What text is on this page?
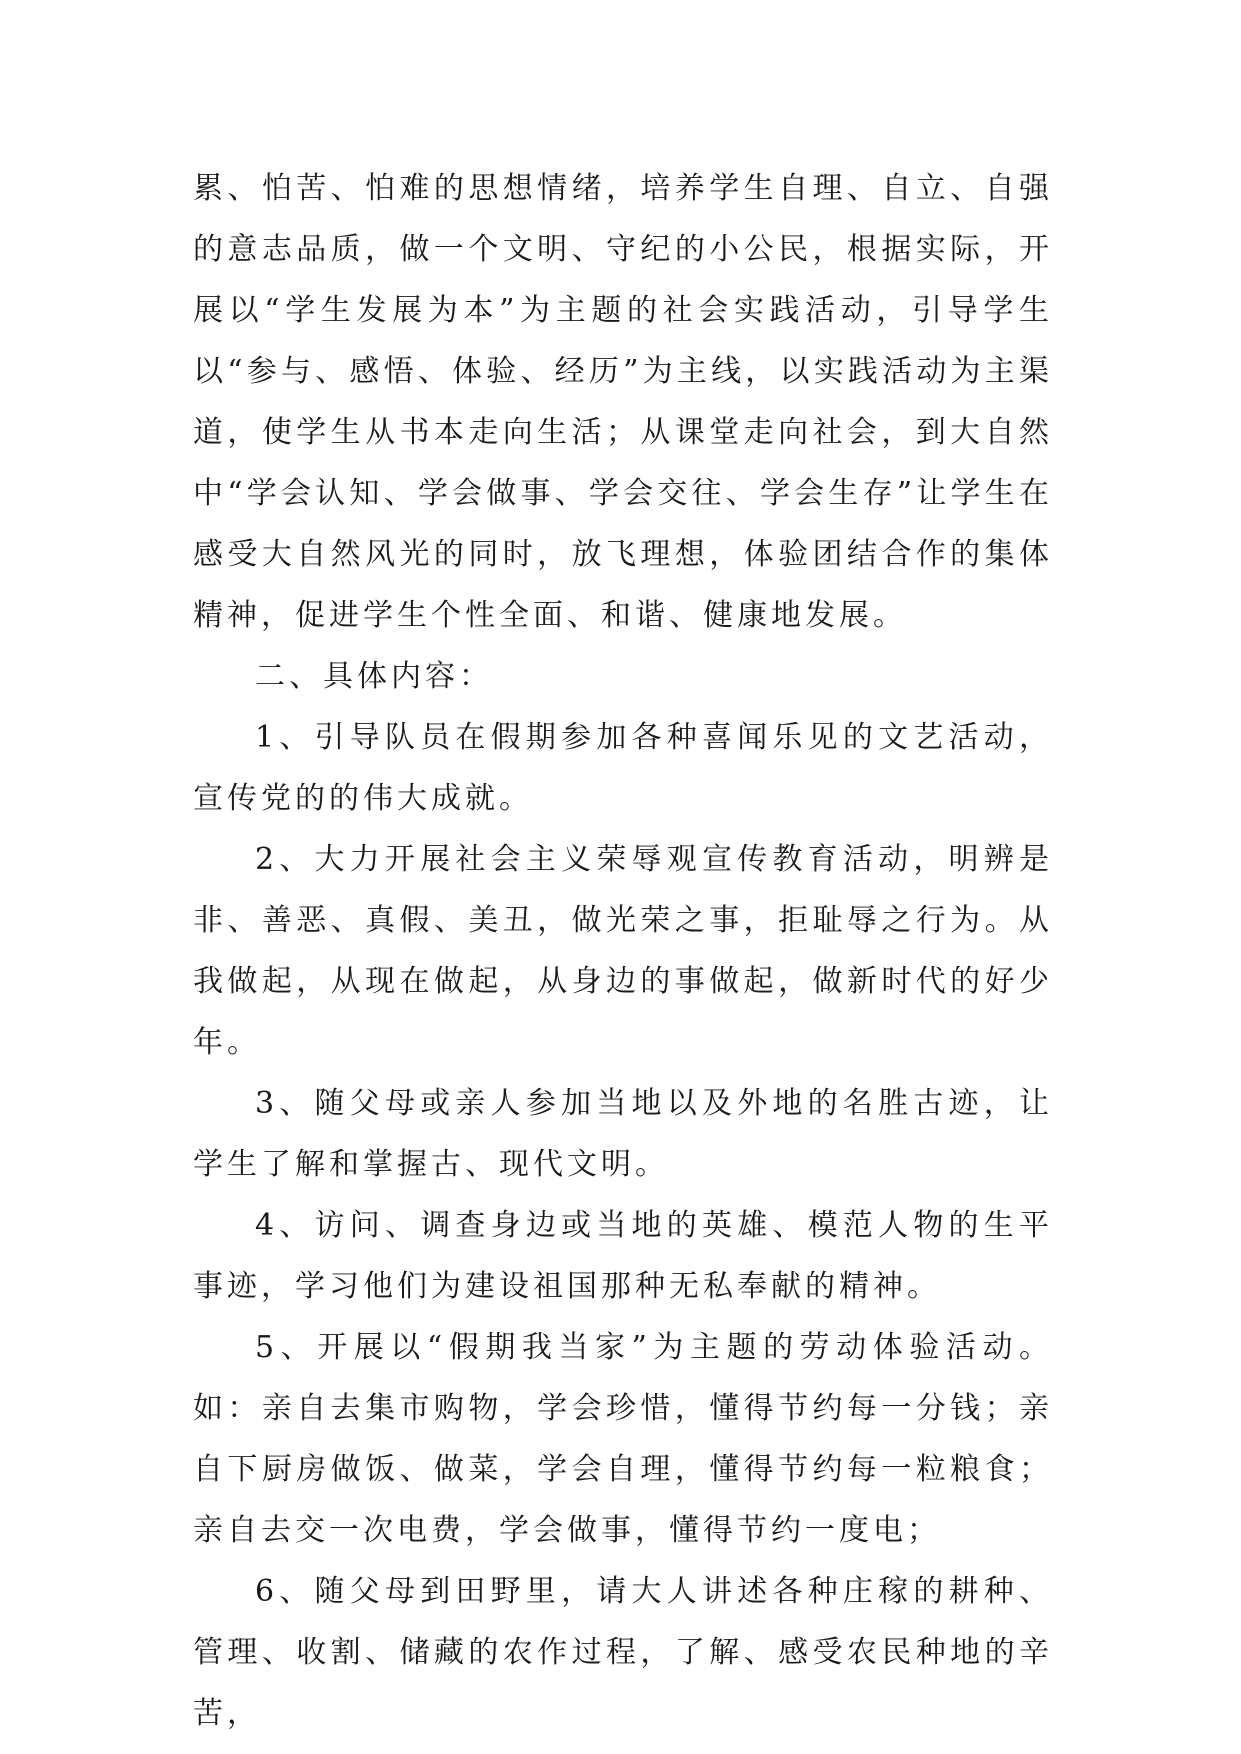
累、怕苦、怕难的思想情绪，培养学生自理、自立、自强的意志品质，做一个文明、守纪的小公民，根据实际，开展以“学生发展为本”为主题的社会实践活动，引导学生以“参与、感悟、体验、经历”为主线，以实践活动为主渠道，使学生从书本走向生活；从课堂走向社会，到大自然中“学会认知、学会做事、学会交往、学会生存”让学生在感受大自然风光的同时，放飞理想，体验团结合作的集体精神，促进学生个性全面、和谐、健康地发展。

二、具体内容：

1、引导队员在假期参加各种喜闻乐见的文艺活动，宣传党的的伟大成就。

2、大力开展社会主义荣辱观宣传教育活动，明辨是非、善恶、真假、美丑，做光荣之事，拒耻辱之行为。从我做起，从现在做起，从身边的事做起，做新时代的好少年。

3、随父母或亲人参加当地以及外地的名胜古迹，让学生了解和掌握古、现代文明。

4、访问、调查身边或当地的英雄、模范人物的生平事迹，学习他们为建设祖国那种无私奉献的精神。

5、开展以“假期我当家”为主题的劳动体验活动。如：亲自去集市购物，学会珍惜，懂得节约每一分钱；亲自下厨房做饭、做菜，学会自理，懂得节约每一粒粮食；亲自去交一次电费，学会做事，懂得节约一度电；

6、随父母到田野里，请大人讲述各种庄稼的耕种、管理、收割、储藏的农作过程，了解、感受农民种地的辛苦，
